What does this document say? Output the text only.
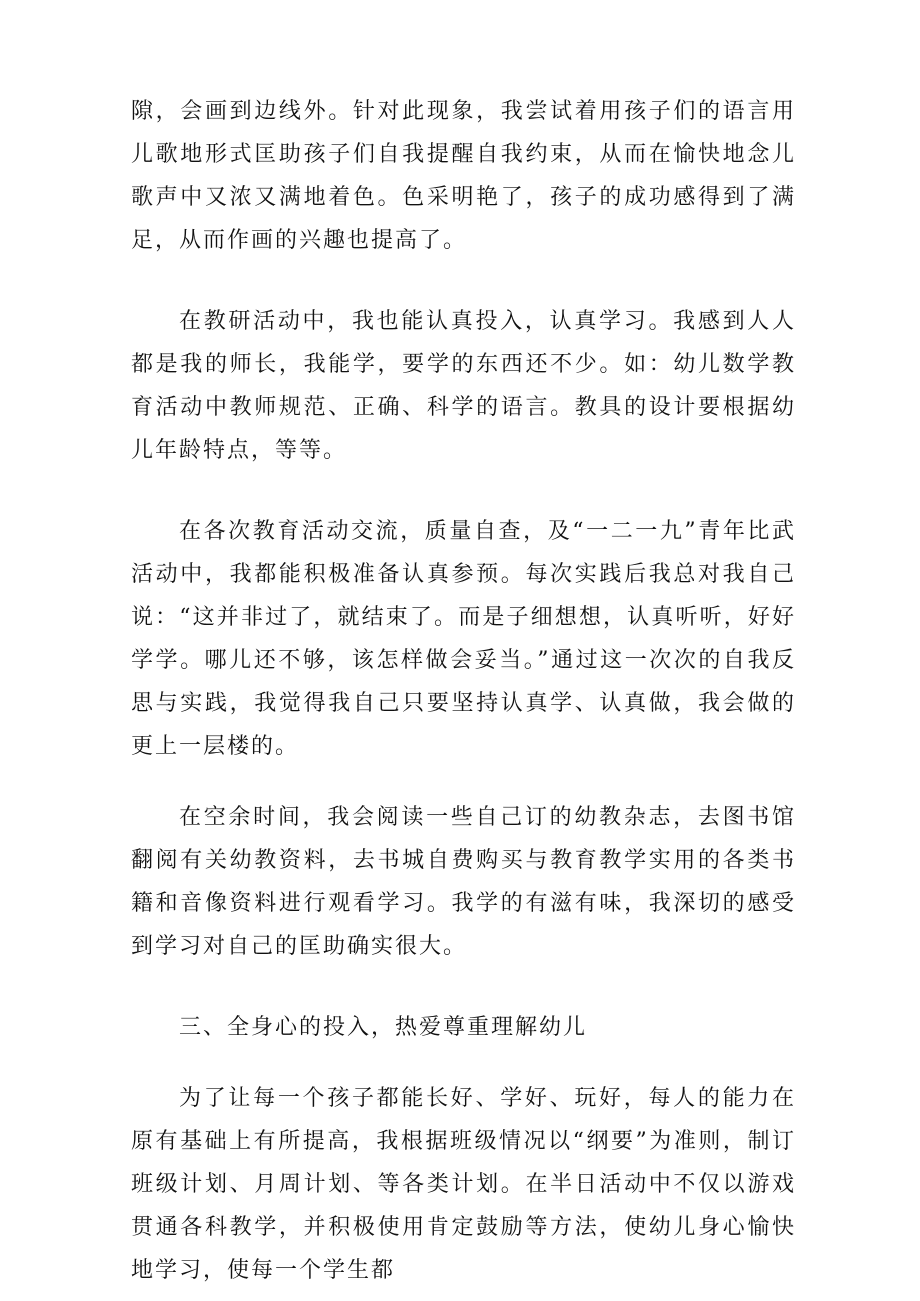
隙，会画到边线外。针对此现象，我尝试着用孩子们的语言用儿歌地形式匡助孩子们自我提醒自我约束，从而在愉快地念儿歌声中又浓又满地着色。色采明艳了，孩子的成功感得到了满足，从而作画的兴趣也提高了。

在教研活动中，我也能认真投入，认真学习。我感到人人都是我的师长，我能学，要学的东西还不少。如：幼儿数学教育活动中教师规范、正确、科学的语言。教具的设计要根据幼儿年龄特点，等等。

在各次教育活动交流，质量自查，及“一二一九”青年比武活动中，我都能积极准备认真参预。每次实践后我总对我自己说：“这并非过了，就结束了。而是子细想想，认真听听，好好学学。哪儿还不够，该怎样做会妥当。”通过这一次次的自我反思与实践，我觉得我自己只要坚持认真学、认真做，我会做的更上一层楼的。

在空余时间，我会阅读一些自己订的幼教杂志，去图书馆翻阅有关幼教资料，去书城自费购买与教育教学实用的各类书籍和音像资料进行观看学习。我学的有滋有味，我深切的感受到学习对自己的匡助确实很大。

三、全身心的投入，热爱尊重理解幼儿

为了让每一个孩子都能长好、学好、玩好，每人的能力在原有基础上有所提高，我根据班级情况以“纲要”为准则，制订班级计划、月周计划、等各类计划。在半日活动中不仅以游戏贯通各科教学，并积极使用肯定鼓励等方法，使幼儿身心愉快地学习，使每一个学生都
